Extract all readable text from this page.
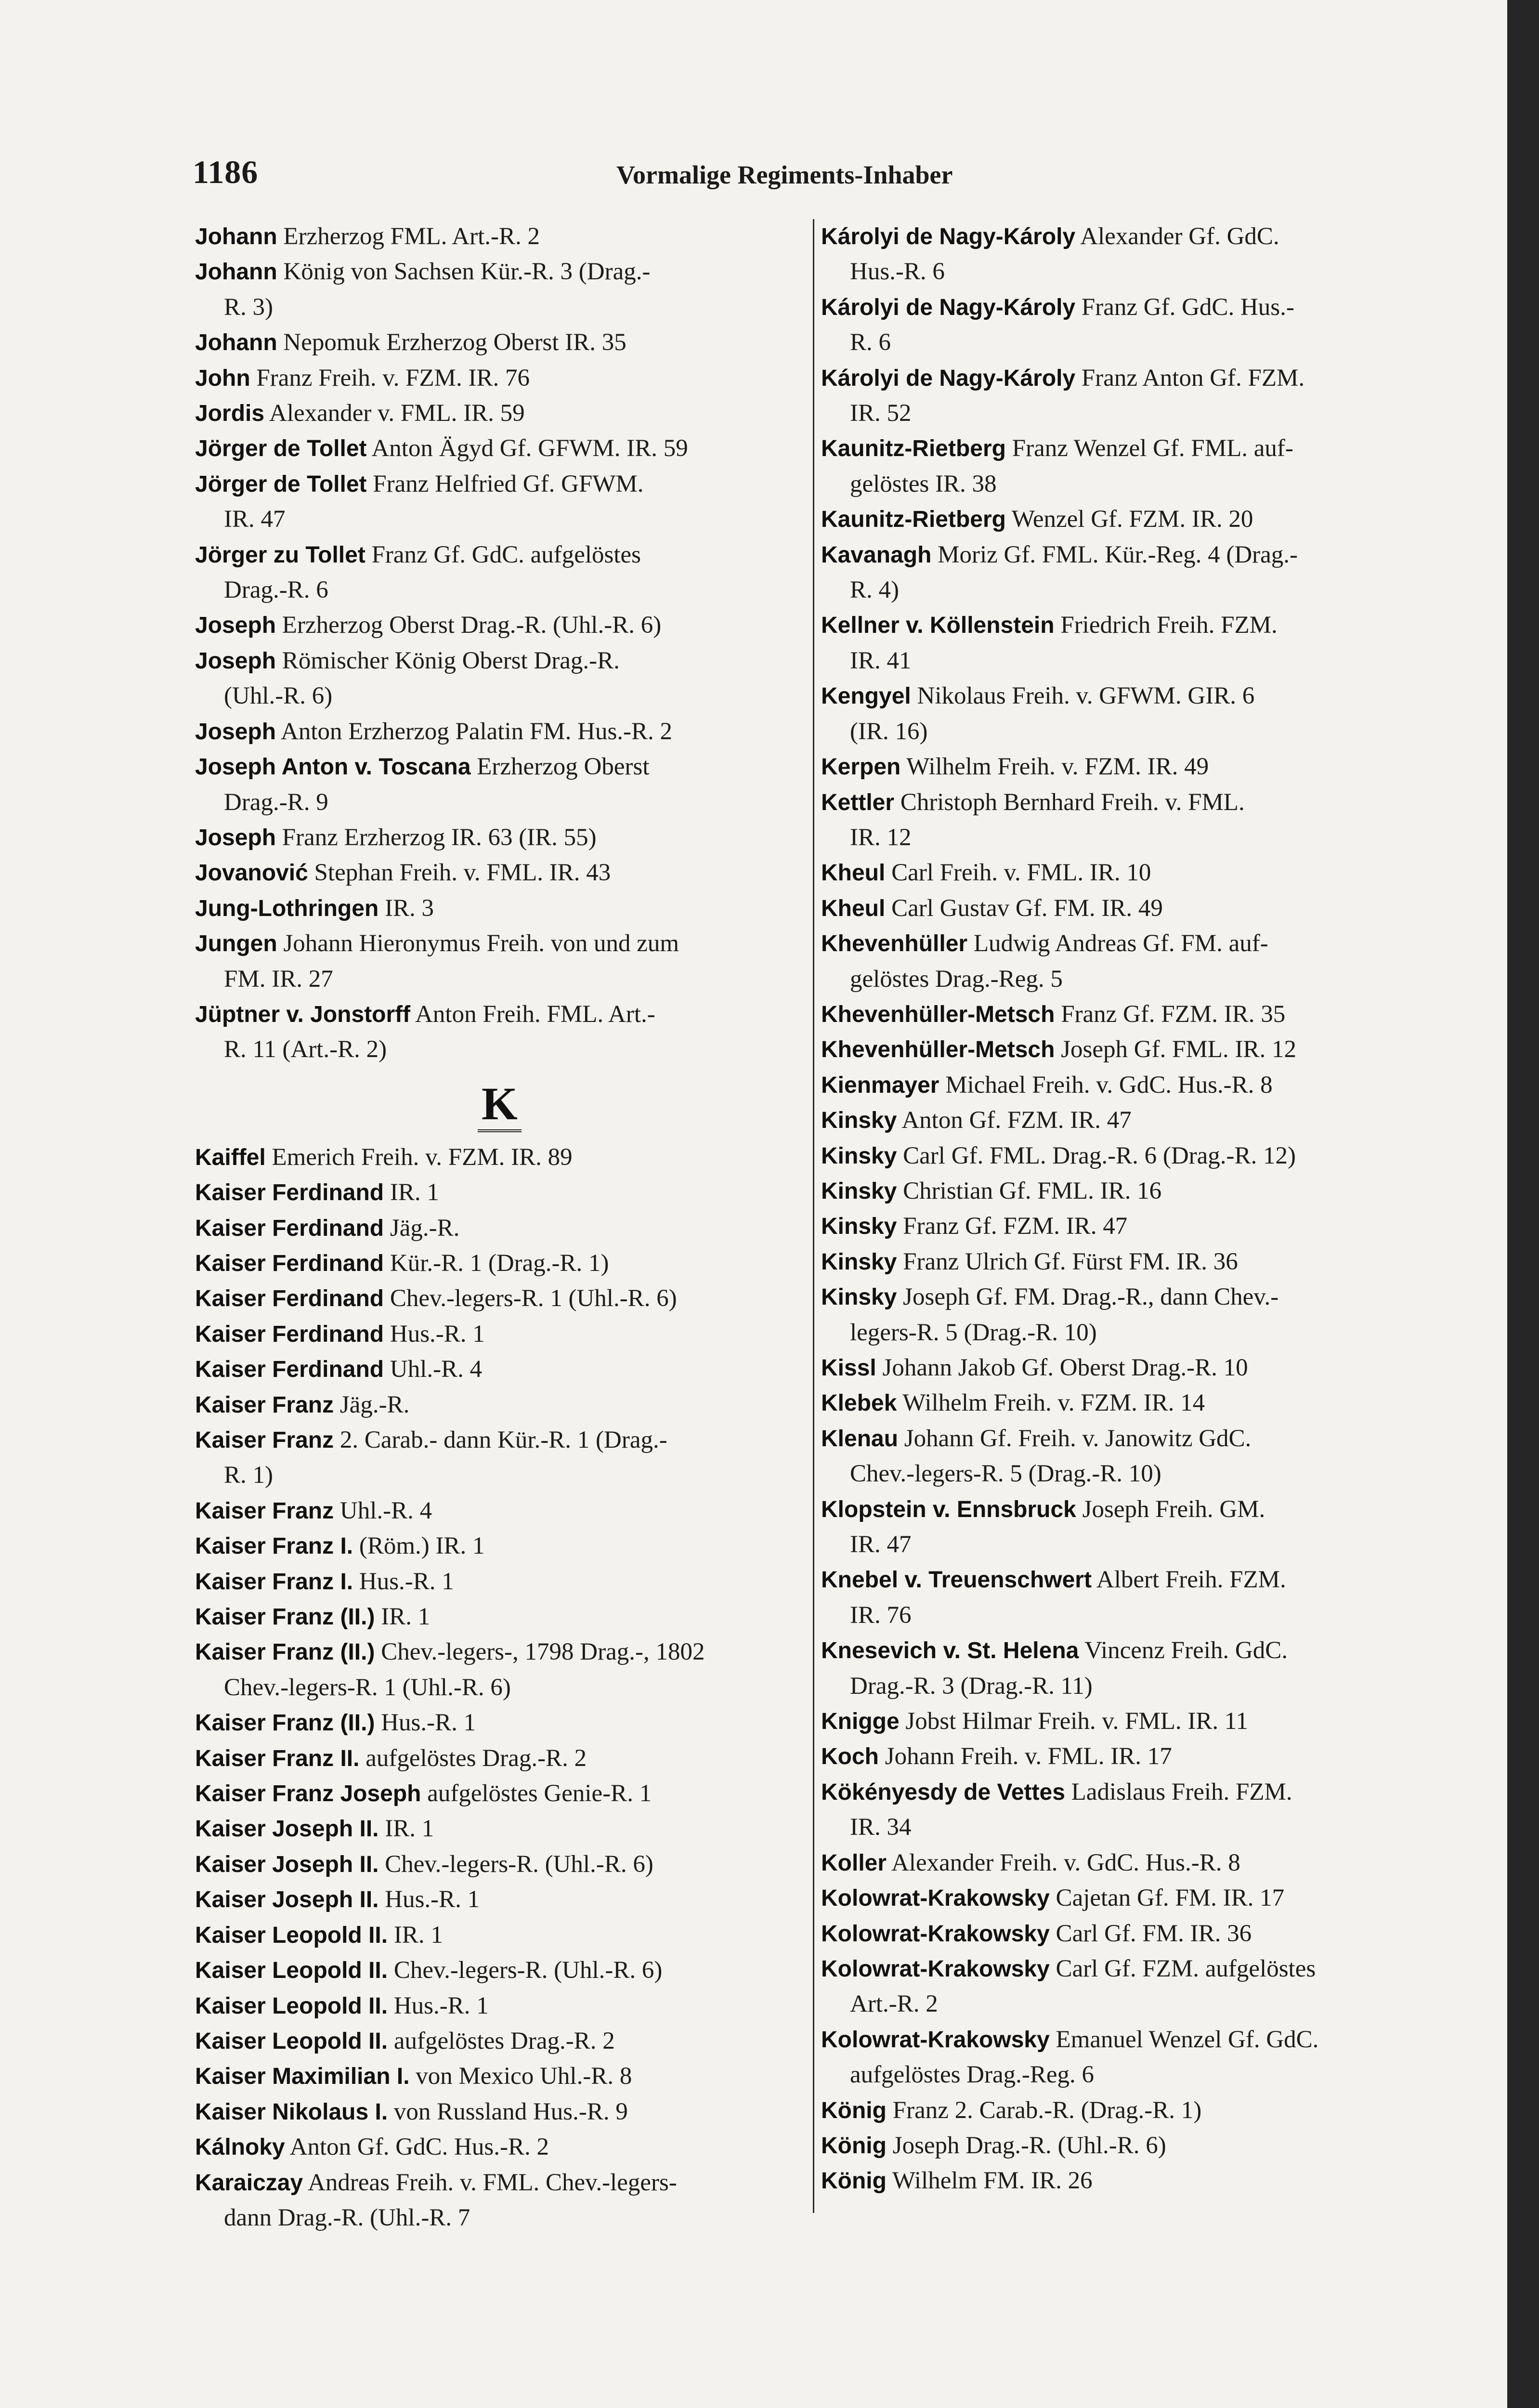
1186	Vormalige Regiments-Inhaber
Johann Erzherzog FML. Art.-R. 2
Johann König von Sachsen Kür.-R. 3 (Drag.-
R. 3)
Johann Nepomuk Erzherzog Oberst IR. 35
John Franz Freih. v. FZM. IR. 76
Jordis Alexander v. FML. IR. 59
Jörger de Tollet Anton Ägyd Gf. GFWM. IR. 59
Jörger de Tollet Franz Helfried Gf. GFWM.
IR. 47
Jörger zu Tollet Franz Gf. GdC. aufgelöstes
Drag.-R. 6
Joseph Erzherzog Oberst Drag.-R. (Uhl.-R. 6)
Joseph Römischer König Oberst Drag.-R.
(Uhl.-R. 6)
Joseph Anton Erzherzog Palatin FM. Hus.-R. 2
Joseph Anton v. Toscana Erzherzog Oberst
Drag.-R. 9
Joseph Franz Erzherzog IR. 63 (IR. 55)
Jovanović Stephan Freih. v. FML. IR. 43
Jung-Lothringen IR. 3
Jungen Johann Hieronymus Freih. von und zum
FM. IR. 27
Jüptner v. Jonstorff Anton Freih. FML. Art.-
R. 11 (Art.-R. 2)
K
Kaiffel Emerich Freih. v. FZM. IR. 89
Kaiser Ferdinand IR. 1
Kaiser Ferdinand Jäg.-R.
Kaiser Ferdinand Kür.-R. 1 (Drag.-R. 1)
Kaiser Ferdinand Chev.-legers-R. 1 (Uhl.-R. 6)
Kaiser Ferdinand Hus.-R. 1
Kaiser Ferdinand Uhl.-R. 4
Kaiser Franz Jäg.-R.
Kaiser Franz 2. Carab.- dann Kür.-R. 1 (Drag.-
R. 1)
Kaiser Franz Uhl.-R. 4
Kaiser Franz I. (Röm.) IR. 1
Kaiser Franz I. Hus.-R. 1
Kaiser Franz (II.) IR. 1
Kaiser Franz (II.) Chev.-legers-, 1798 Drag.-, 1802
Chev.-legers-R. 1 (Uhl.-R. 6)
Kaiser Franz (II.) Hus.-R. 1
Kaiser Franz II. aufgelöstes Drag.-R. 2
Kaiser Franz Joseph aufgelöstes Genie-R. 1
Kaiser Joseph II. IR. 1
Kaiser Joseph II. Chev.-legers-R. (Uhl.-R. 6)
Kaiser Joseph II. Hus.-R. 1
Kaiser Leopold II. IR. 1
Kaiser Leopold II. Chev.-legers-R. (Uhl.-R. 6)
Kaiser Leopold II. Hus.-R. 1
Kaiser Leopold II. aufgelöstes Drag.-R. 2
Kaiser Maximilian I. von Mexico Uhl.-R. 8
Kaiser Nikolaus I. von Russland Hus.-R. 9
Kálnoky Anton Gf. GdC. Hus.-R. 2
Karaiczay Andreas Freih. v. FML. Chev.-legers-
dann Drag.-R. (Uhl.-R. 7
Károlyi de Nagy-Károly Alexander Gf. GdC.
Hus.-R. 6
Károlyi de Nagy-Károly Franz Gf. GdC. Hus.-
R. 6
Károlyi de Nagy-Károly Franz Anton Gf. FZM.
IR. 52
Kaunitz-Rietberg Franz Wenzel Gf. FML. auf-
gelöstes IR. 38
Kaunitz-Rietberg Wenzel Gf. FZM. IR. 20
Kavanagh Moriz Gf. FML. Kür.-Reg. 4 (Drag.-
R. 4)
Kellner v. Köllenstein Friedrich Freih. FZM.
IR. 41
Kengyel Nikolaus Freih. v. GFWM. GIR. 6
(IR. 16)
Kerpen Wilhelm Freih. v. FZM. IR. 49
Kettler Christoph Bernhard Freih. v. FML.
IR. 12
Kheul Carl Freih. v. FML. IR. 10
Kheul Carl Gustav Gf. FM. IR. 49
Khevenhüller Ludwig Andreas Gf. FM. auf-
gelöstes Drag.-Reg. 5
Khevenhüller-Metsch Franz Gf. FZM. IR. 35
Khevenhüller-Metsch Joseph Gf. FML. IR. 12
Kienmayer Michael Freih. v. GdC. Hus.-R. 8
Kinsky Anton Gf. FZM. IR. 47
Kinsky Carl Gf. FML. Drag.-R. 6 (Drag.-R. 12)
Kinsky Christian Gf. FML. IR. 16
Kinsky Franz Gf. FZM. IR. 47
Kinsky Franz Ulrich Gf. Fürst FM. IR. 36
Kinsky Joseph Gf. FM. Drag.-R., dann Chev.-
legers-R. 5 (Drag.-R. 10)
Kissl Johann Jakob Gf. Oberst Drag.-R. 10
Klebek Wilhelm Freih. v. FZM. IR. 14
Klenau Johann Gf. Freih. v. Janowitz GdC.
Chev.-legers-R. 5 (Drag.-R. 10)
Klopstein v. Ennsbruck Joseph Freih. GM.
IR. 47
Knebel v. Treuenschwert Albert Freih. FZM.
IR. 76
Knesevich v. St. Helena Vincenz Freih. GdC.
Drag.-R. 3 (Drag.-R. 11)
Knigge Jobst Hilmar Freih. v. FML. IR. 11
Koch Johann Freih. v. FML. IR. 17
Kökényesdy de Vettes Ladislaus Freih. FZM.
IR. 34
Koller Alexander Freih. v. GdC. Hus.-R. 8
Kolowrat-Krakowsky Cajetan Gf. FM. IR. 17
Kolowrat-Krakowsky Carl Gf. FM. IR. 36
Kolowrat-Krakowsky Carl Gf. FZM. aufgelöstes
Art.-R. 2
Kolowrat-Krakowsky Emanuel Wenzel Gf. GdC.
aufgelöstes Drag.-Reg. 6
König Franz 2. Carab.-R. (Drag.-R. 1)
König Joseph Drag.-R. (Uhl.-R. 6)
König Wilhelm FM. IR. 26
